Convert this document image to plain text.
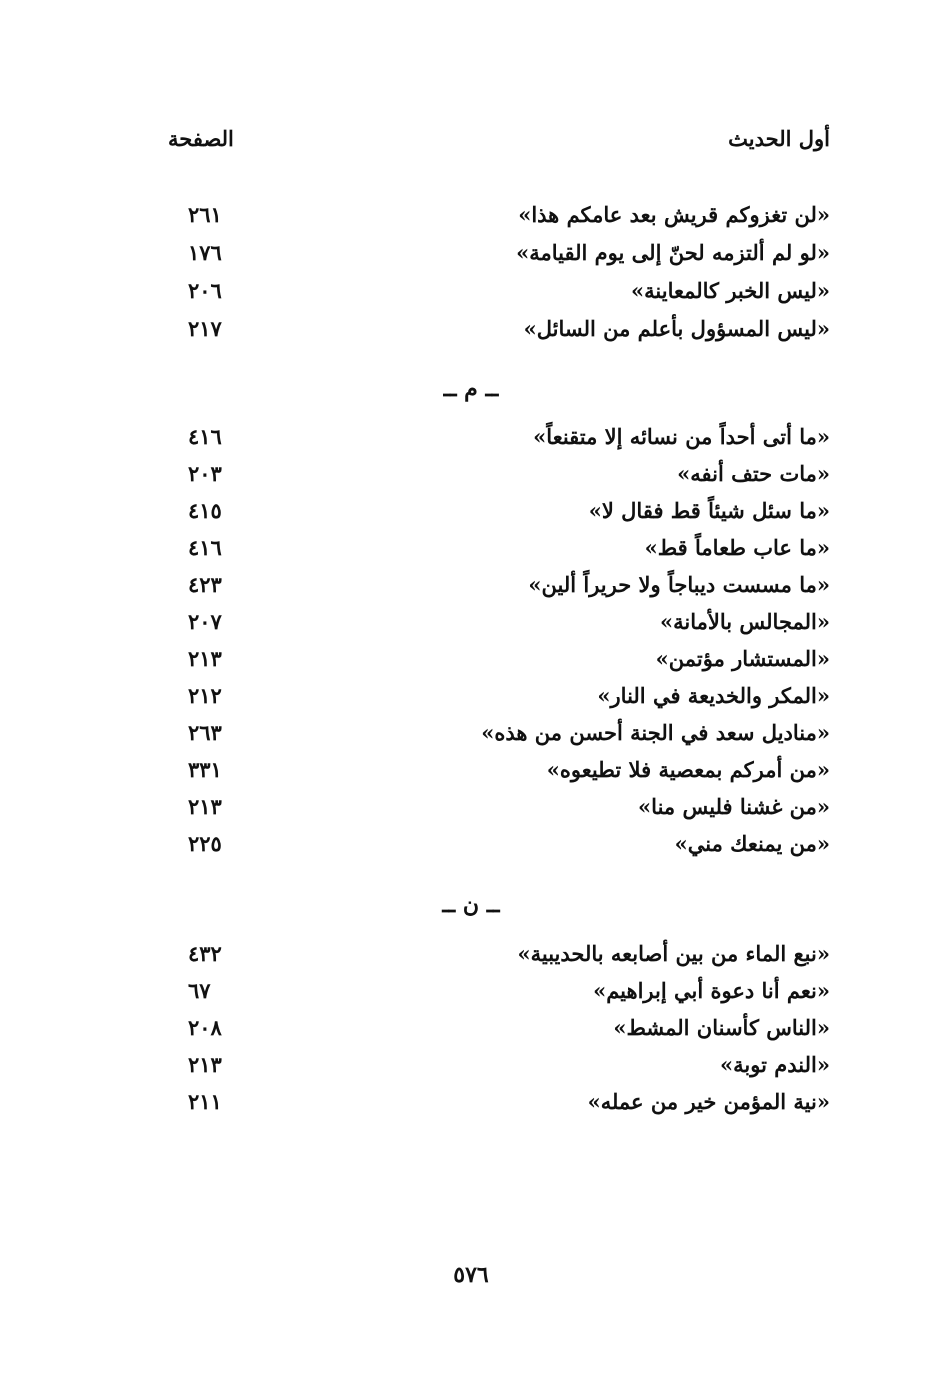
أول الحديث
الصفحة
«لن تغزوكم قريش بعد عامكم هذا»
٢٦١
«لو لم ألتزمه لحنّ إلى يوم القيامة»
١٧٦
«ليس الخبر كالمعاينة»
٢٠٦
«ليس المسؤول بأعلم من السائل»
٢١٧
ــ م ــ
«ما أتى أحداً من نسائه إلا متقنعاً»
٤١٦
«مات حتف أنفه»
٢٠٣
«ما سئل شيئاً قط فقال لا»
٤١٥
«ما عاب طعاماً قط»
٤١٦
«ما مسست ديباجاً ولا حريراً ألين»
٤٢٣
«المجالس بالأمانة»
٢٠٧
«المستشار مؤتمن»
٢١٣
«المكر والخديعة في النار»
٢١٢
«مناديل سعد في الجنة أحسن من هذه»
٢٦٣
«من أمركم بمعصية فلا تطيعوه»
٣٣١
«من غشنا فليس منا»
٢١٣
«من يمنعك مني»
٢٢٥
ــ ن ــ
«نبع الماء من بين أصابعه بالحديبية»
٤٣٢
«نعم أنا دعوة أبي إبراهيم»
٦٧
«الناس كأسنان المشط»
٢٠٨
«الندم توبة»
٢١٣
«نية المؤمن خير من عمله»
٢١١
٥٧٦
